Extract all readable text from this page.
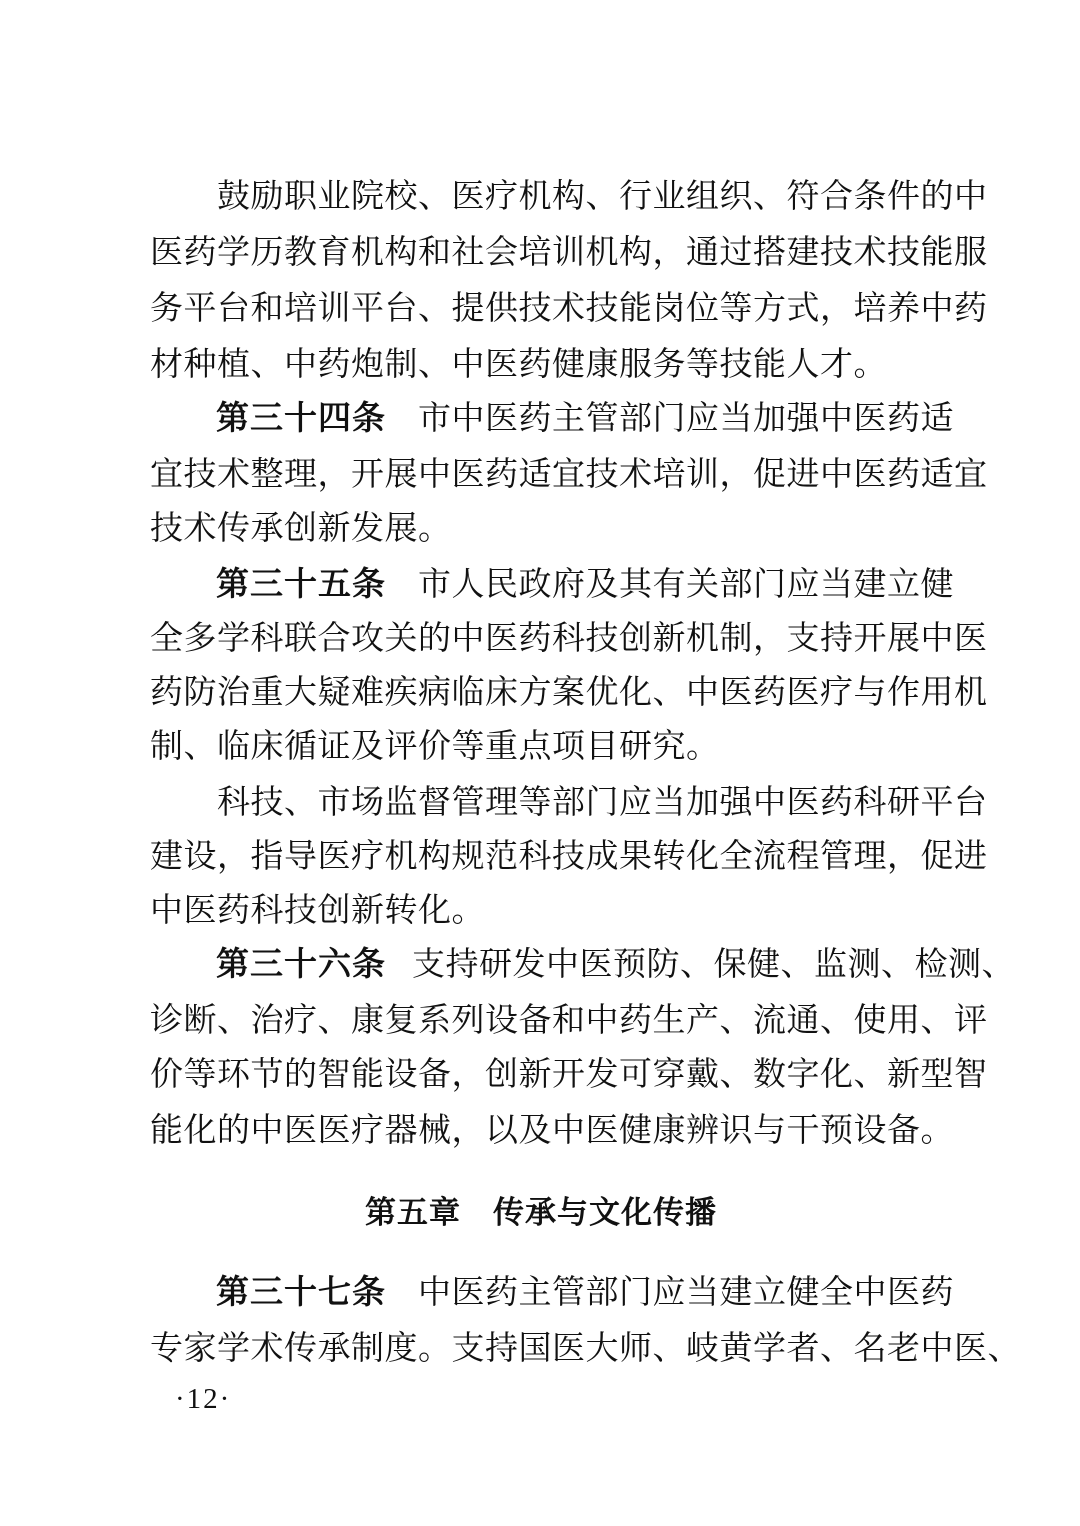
　　鼓励职业院校、医疗机构、行业组织、符合条件的中
医药学历教育机构和社会培训机构，通过搭建技术技能服
务平台和培训平台、提供技术技能岗位等方式，培养中药
材种植、中药炮制、中医药健康服务等技能人才。
第三十四条 市中医药主管部门应当加强中医药适
宜技术整理，开展中医药适宜技术培训，促进中医药适宜
技术传承创新发展。
第三十五条 市人民政府及其有关部门应当建立健
全多学科联合攻关的中医药科技创新机制，支持开展中医
药防治重大疑难疾病临床方案优化、中医药医疗与作用机
制、临床循证及评价等重点项目研究。
　　科技、市场监督管理等部门应当加强中医药科研平台
建设，指导医疗机构规范科技成果转化全流程管理，促进
中医药科技创新转化。
第三十六条 支持研发中医预防、保健、监测、检测、
诊断、治疗、康复系列设备和中药生产、流通、使用、评
价等环节的智能设备，创新开发可穿戴、数字化、新型智
能化的中医医疗器械，以及中医健康辨识与干预设备。
第五章　传承与文化传播
第三十七条 中医药主管部门应当建立健全中医药
专家学术传承制度。支持国医大师、岐黄学者、名老中医、
·12·
